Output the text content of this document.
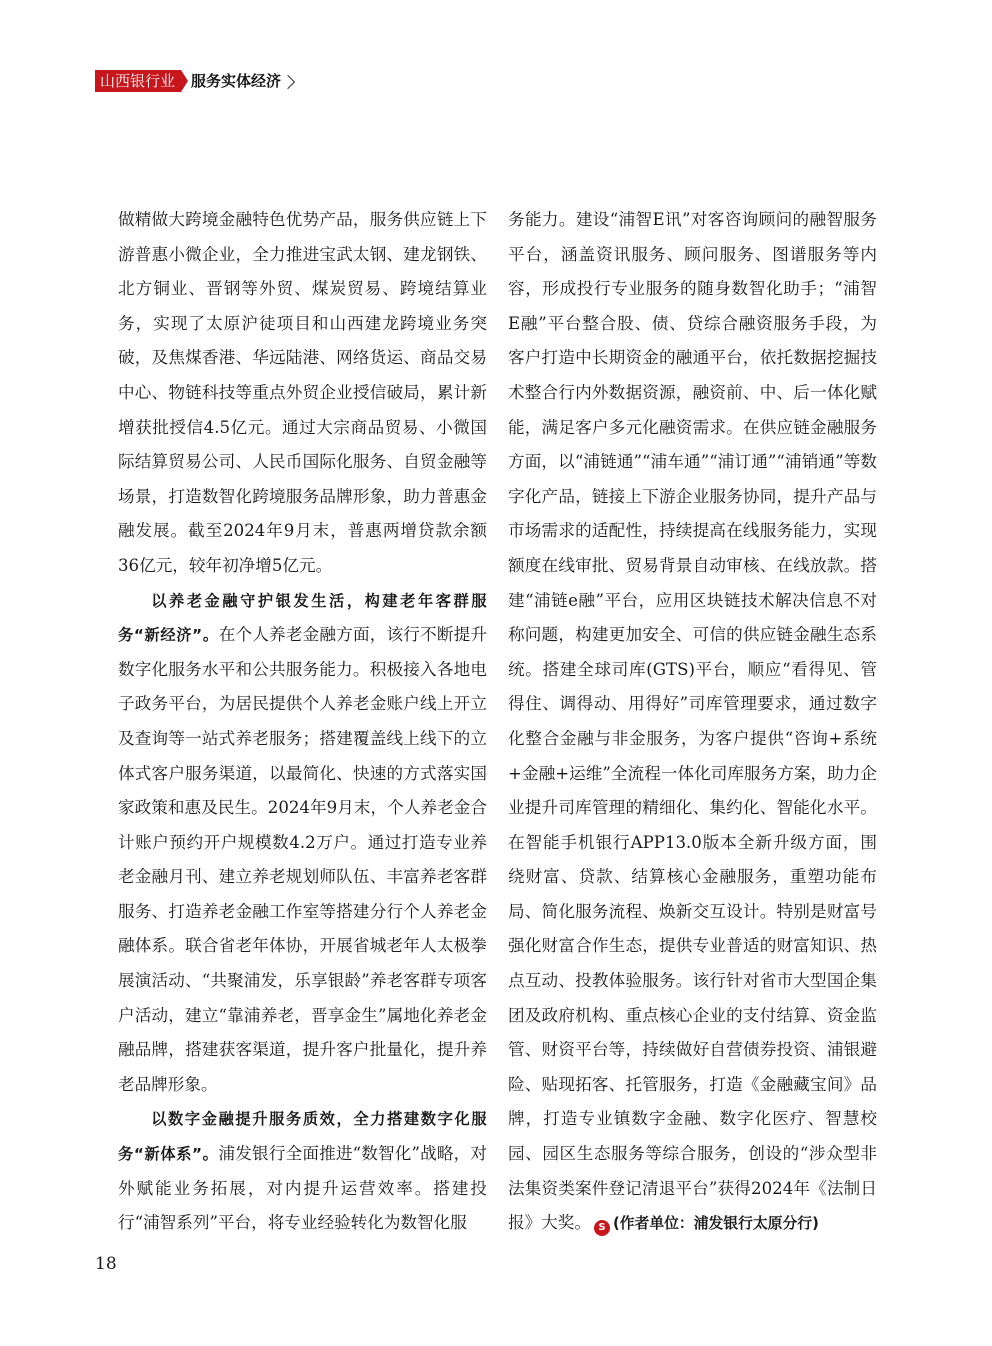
山西银行业	服务实体经济

做精做大跨境金融特色优势产品，服务供应链上下游普惠小微企业，全力推进宝武太钢、建龙钢铁、北方铜业、晋钢等外贸、煤炭贸易、跨境结算业务，实现了太原沪徒项目和山西建龙跨境业务突破，及焦煤香港、华远陆港、网络货运、商品交易中心、物链科技等重点外贸企业授信破局，累计新增获批授信4.5亿元。通过大宗商品贸易、小微国际结算贸易公司、人民币国际化服务、自贸金融等场景，打造数智化跨境服务品牌形象，助力普惠金融发展。截至2024年9月末，普惠两增贷款余额36亿元，较年初净增5亿元。

以养老金融守护银发生活，构建老年客群服务“新经济”。在个人养老金融方面，该行不断提升数字化服务水平和公共服务能力。积极接入各地电子政务平台，为居民提供个人养老金账户线上开立及查询等一站式养老服务；搭建覆盖线上线下的立体式客户服务渠道，以最简化、快速的方式落实国家政策和惠及民生。2024年9月末，个人养老金合计账户预约开户规模数4.2万户。通过打造专业养老金融月刊、建立养老规划师队伍、丰富养老客群服务、打造养老金融工作室等搭建分行个人养老金融体系。联合省老年体协，开展省城老年人太极拳展演活动、“共聚浦发，乐享银龄”养老客群专项客户活动，建立“靠浦养老，晋享金生”属地化养老金融品牌，搭建获客渠道，提升客户批量化，提升养老品牌形象。

以数字金融提升服务质效，全力搭建数字化服务“新体系”。浦发银行全面推进“数智化”战略，对外赋能业务拓展，对内提升运营效率。搭建投行“浦智系列”平台，将专业经验转化为数智化服

务能力。建设“浦智E讯”对客咨询顾问的融智服务平台，涵盖资讯服务、顾问服务、图谱服务等内容，形成投行专业服务的随身数智化助手；“浦智E融”平台整合股、债、贷综合融资服务手段，为客户打造中长期资金的融通平台，依托数据挖掘技术整合行内外数据资源，融资前、中、后一体化赋能，满足客户多元化融资需求。在供应链金融服务方面，以“浦链通”“浦车通”“浦订通”“浦销通”等数字化产品，链接上下游企业服务协同，提升产品与市场需求的适配性，持续提高在线服务能力，实现额度在线审批、贸易背景自动审核、在线放款。搭建“浦链e融”平台，应用区块链技术解决信息不对称问题，构建更加安全、可信的供应链金融生态系统。搭建全球司库(GTS)平台，顺应“看得见、管得住、调得动、用得好”司库管理要求，通过数字化整合金融与非金服务，为客户提供“咨询+系统+金融+运维”全流程一体化司库服务方案，助力企业提升司库管理的精细化、集约化、智能化水平。在智能手机银行APP13.0版本全新升级方面，围绕财富、贷款、结算核心金融服务，重塑功能布局、简化服务流程、焕新交互设计。特别是财富号强化财富合作生态，提供专业普适的财富知识、热点互动、投教体验服务。该行针对省市大型国企集团及政府机构、重点核心企业的支付结算、资金监管、财资平台等，持续做好自营债券投资、浦银避险、贴现拓客、托管服务，打造《金融藏宝间》品牌，打造专业镇数字金融、数字化医疗、智慧校园、园区生态服务等综合服务，创设的“涉众型非法集资类案件登记清退平台”获得2024年《法制日报》大奖。 S (作者单位：浦发银行太原分行)

18
